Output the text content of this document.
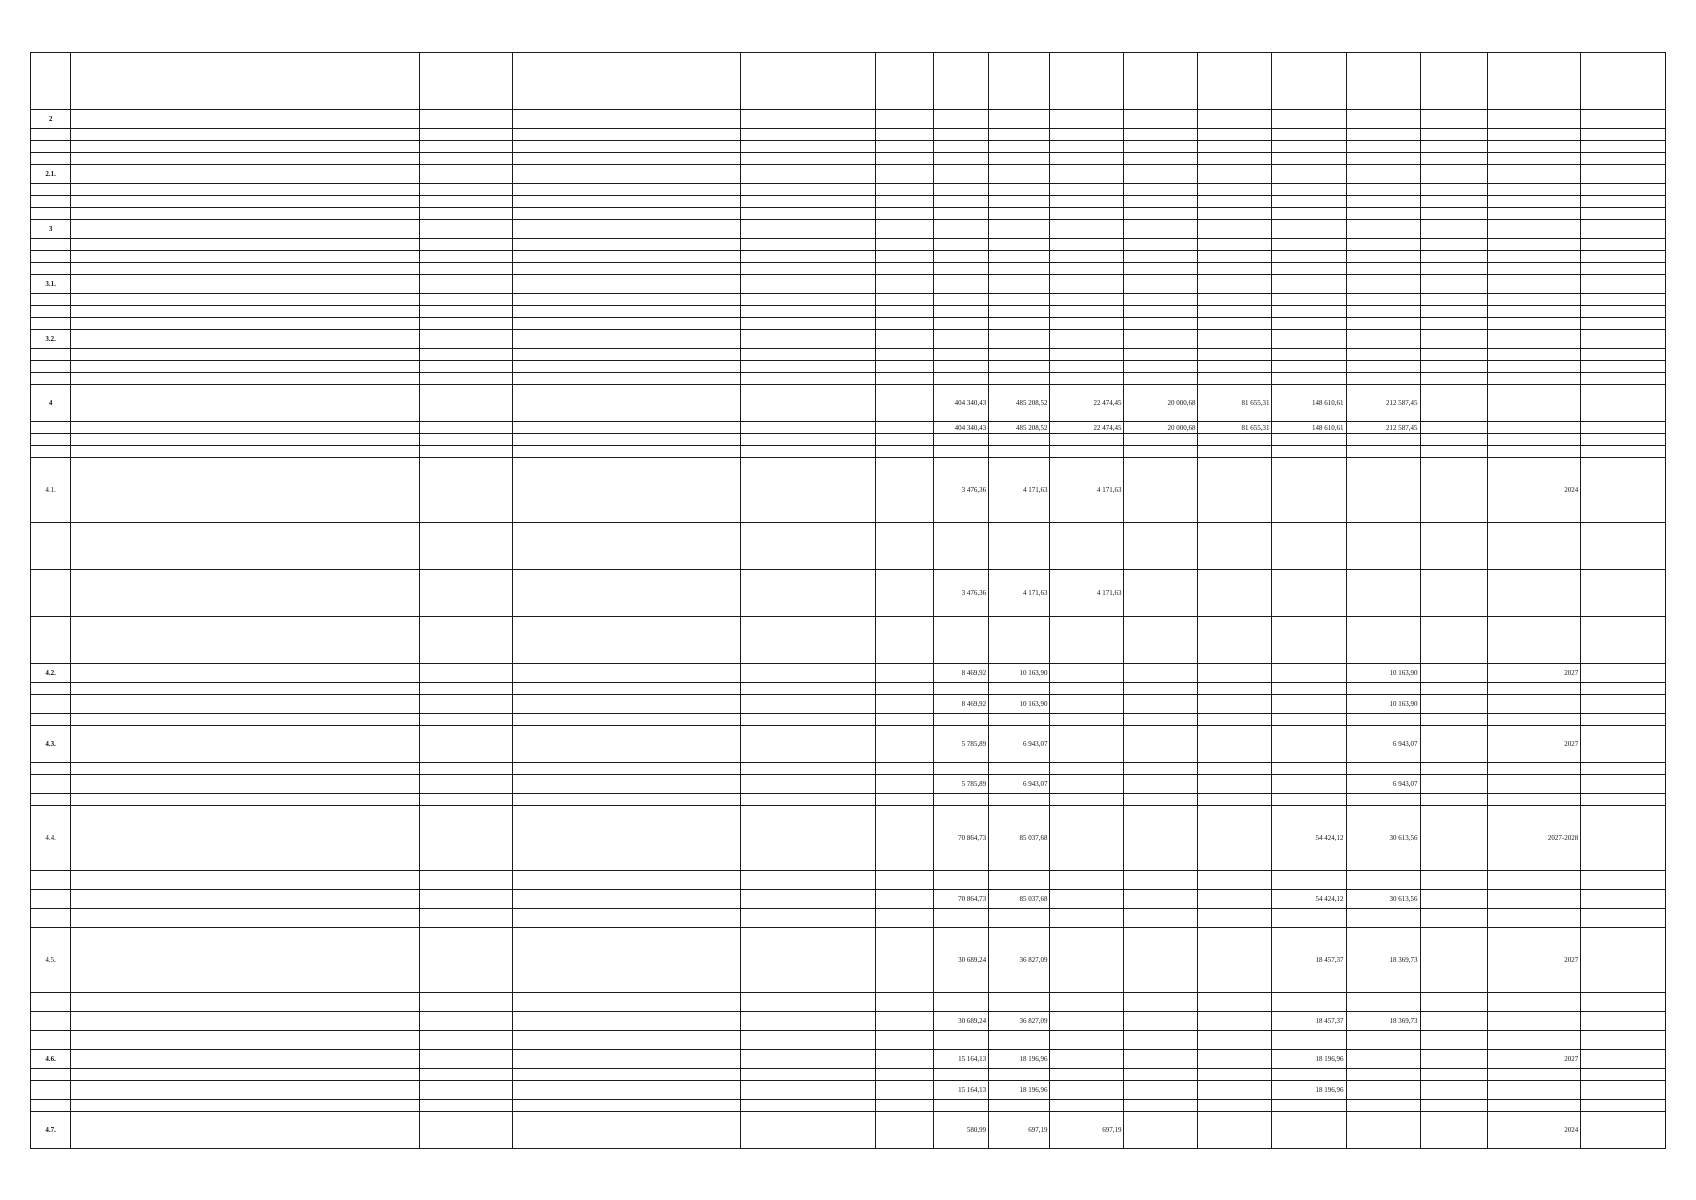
2															

2.1.															

3															

3.1.															

3.2.															

4						404 340,43	485 208,52	22 474,45	20 000,68	81 655,31	148 610,61	212 587,45			
						404 340,43	485 208,52	22 474,45	20 000,68	81 655,31	148 610,61	212 587,45			

4.1.						3 476,36	4 171,63	4 171,63						2024	

						3 476,36	4 171,63	4 171,63							

4.2.						8 469,92	10 163,90					10 163,90		2027	

						8 469,92	10 163,90					10 163,90			

4.3.						5 785,89	6 943,07					6 943,07		2027	

						5 785,89	6 943,07					6 943,07			

4.4.						70 864,73	85 037,68				54 424,12	30 613,56		2027-2028	

						70 864,73	85 037,68				54 424,12	30 613,56			

4.5.						30 689,24	36 827,09				18 457,37	18 369,73		2027	

						30 689,24	36 827,09				18 457,37	18 369,73			

4.6.						15 164,13	18 196,96				18 196,96			2027	

						15 164,13	18 196,96				18 196,96				

4.7.						580,99	697,19	697,19						2024	
